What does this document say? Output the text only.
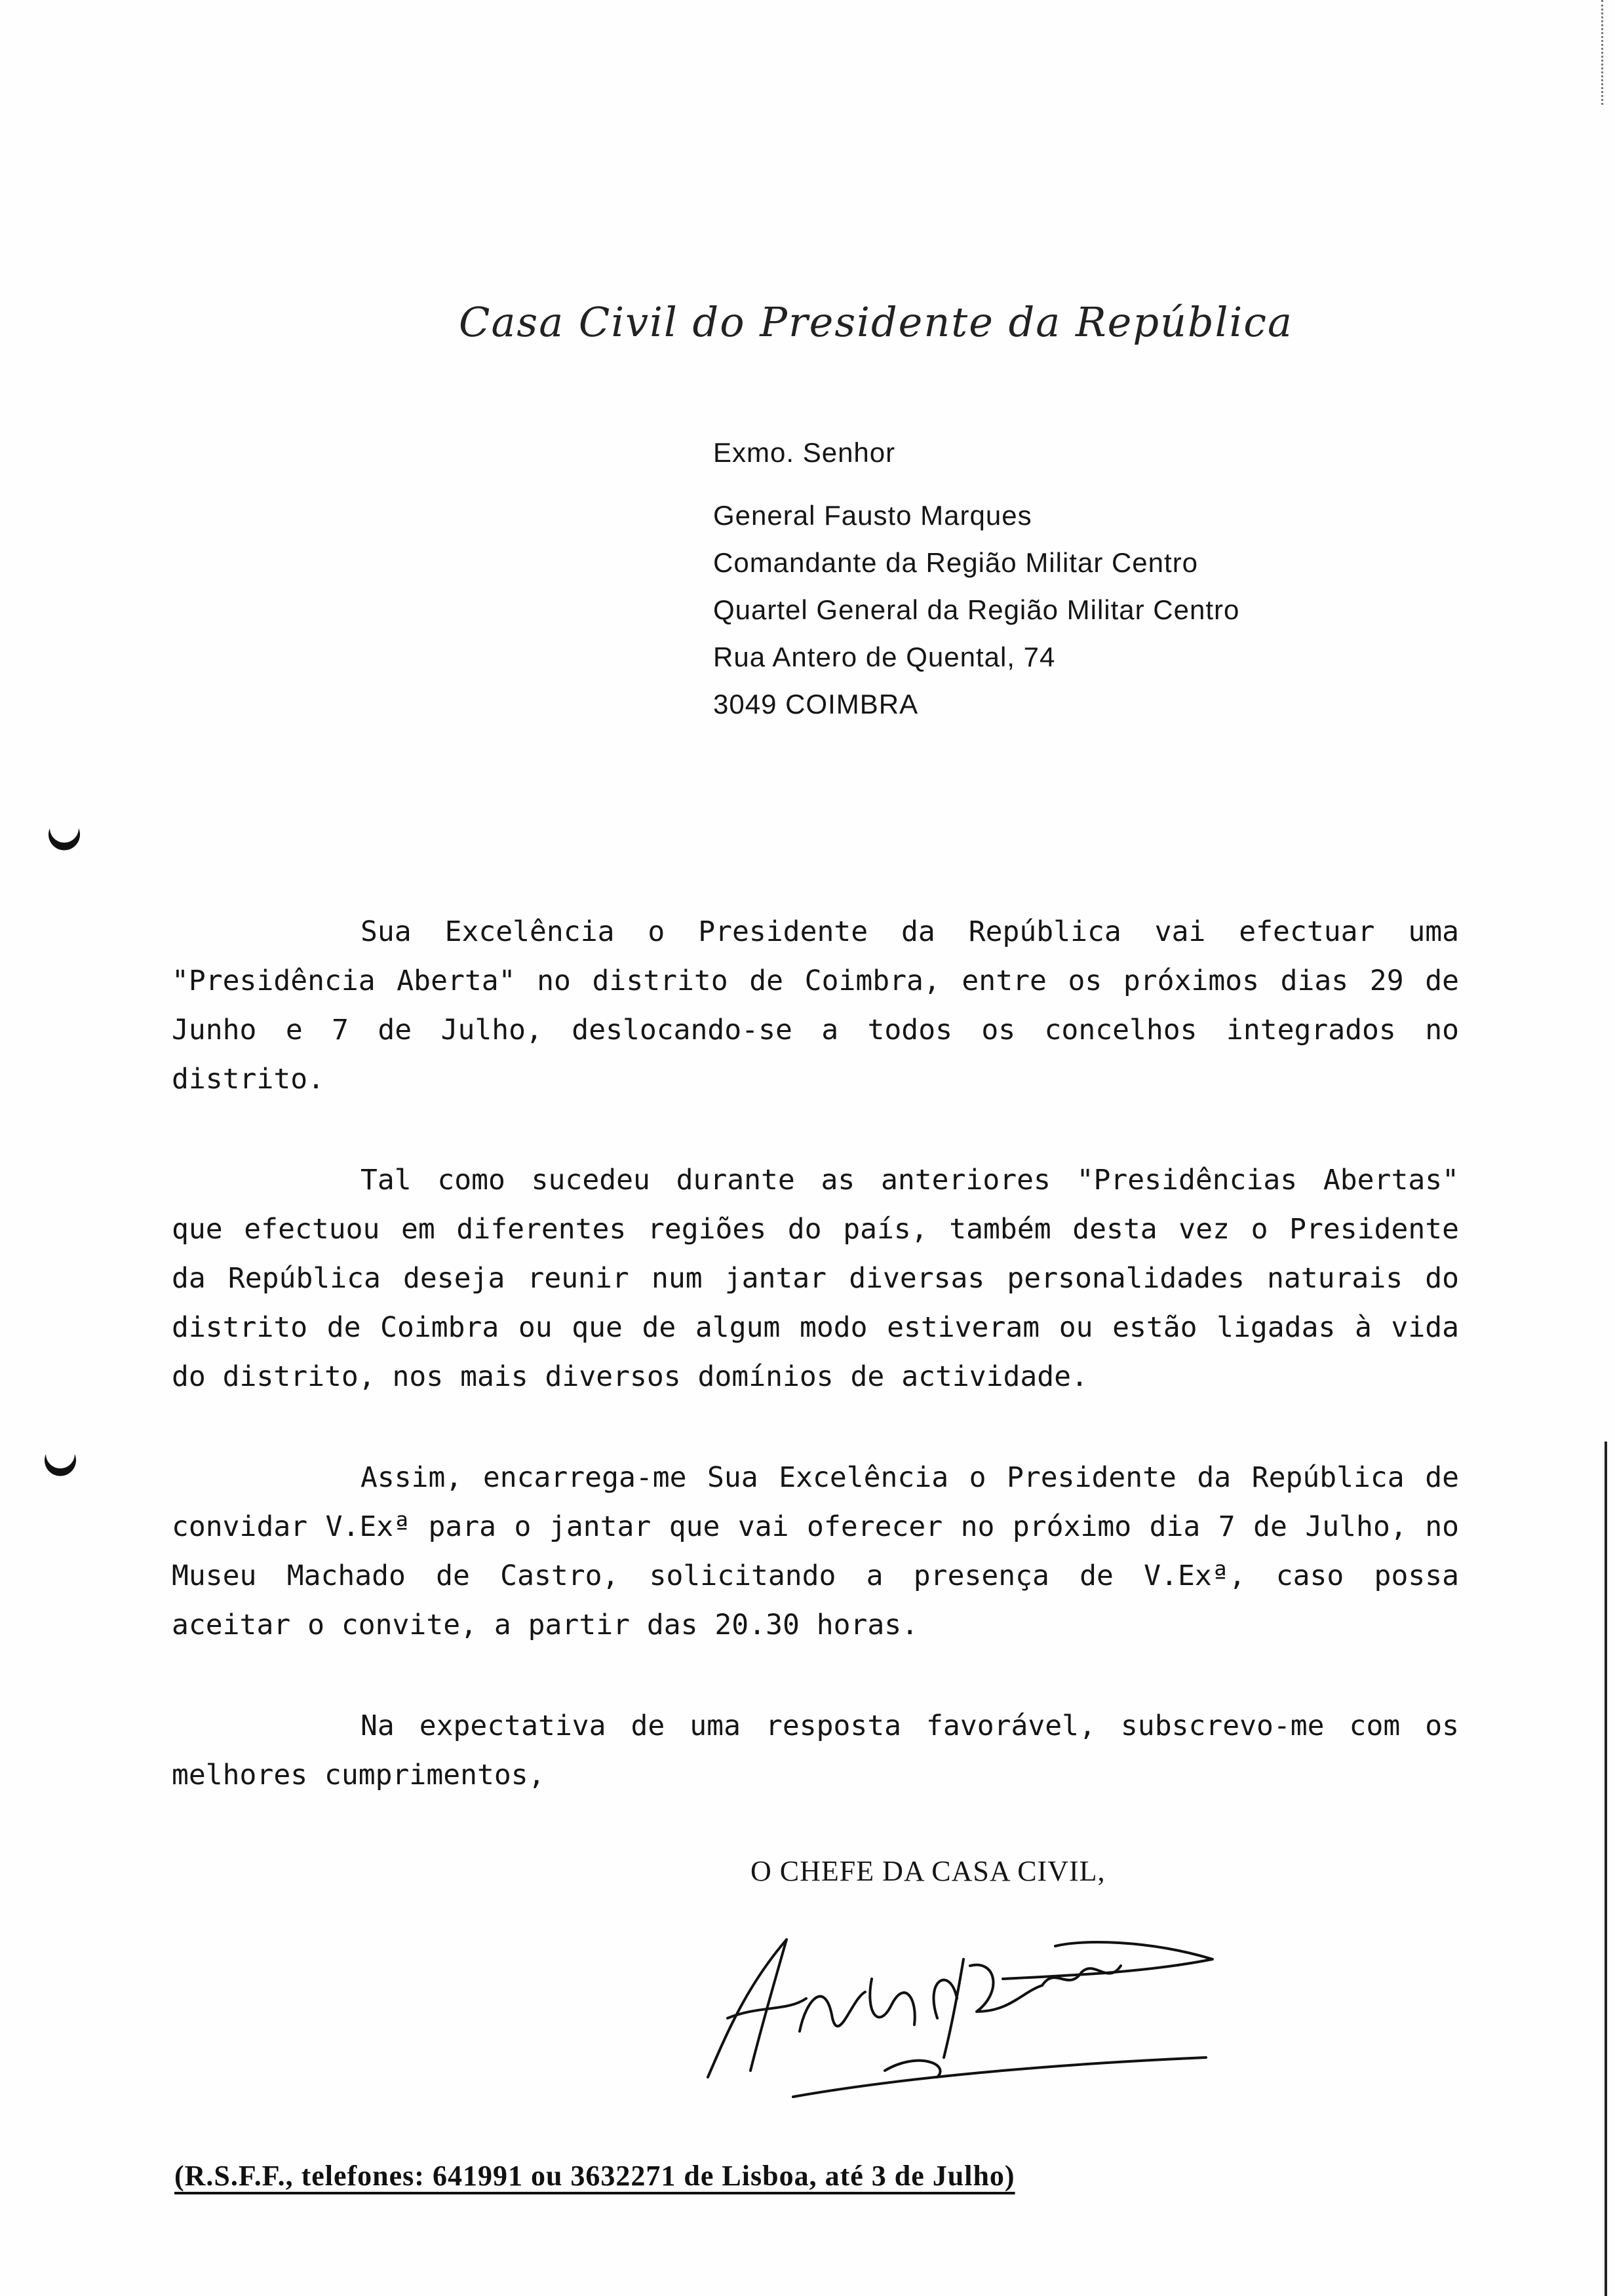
Casa Civil do Presidente da República
Exmo. Senhor
General Fausto Marques
Comandante da Região Militar Centro
Quartel General da Região Militar Centro
Rua Antero de Quental, 74
3049 COIMBRA

Sua Excelência o Presidente da República vai efectuar uma "Presidência Aberta" no distrito de Coimbra, entre os próximos dias 29 de Junho e 7 de Julho, deslocando-se a todos os concelhos integrados no distrito.

Tal como sucedeu durante as anteriores "Presidências Abertas" que efectuou em diferentes regiões do país, também desta vez o Presidente da República deseja reunir num jantar diversas personalidades naturais do distrito de Coimbra ou que de algum modo estiveram ou estão ligadas à vida do distrito, nos mais diversos domínios de actividade.

Assim, encarrega-me Sua Excelência o Presidente da República de convidar V.Exª para o jantar que vai oferecer no próximo dia 7 de Julho, no Museu Machado de Castro, solicitando a presença de V.Exª, caso possa aceitar o convite, a partir das 20.30 horas.

Na expectativa de uma resposta favorável, subscrevo-me com os melhores cumprimentos,

O CHEFE DA CASA CIVIL,
(R.S.F.F., telefones: 641991 ou 3632271 de Lisboa, até 3 de Julho)
